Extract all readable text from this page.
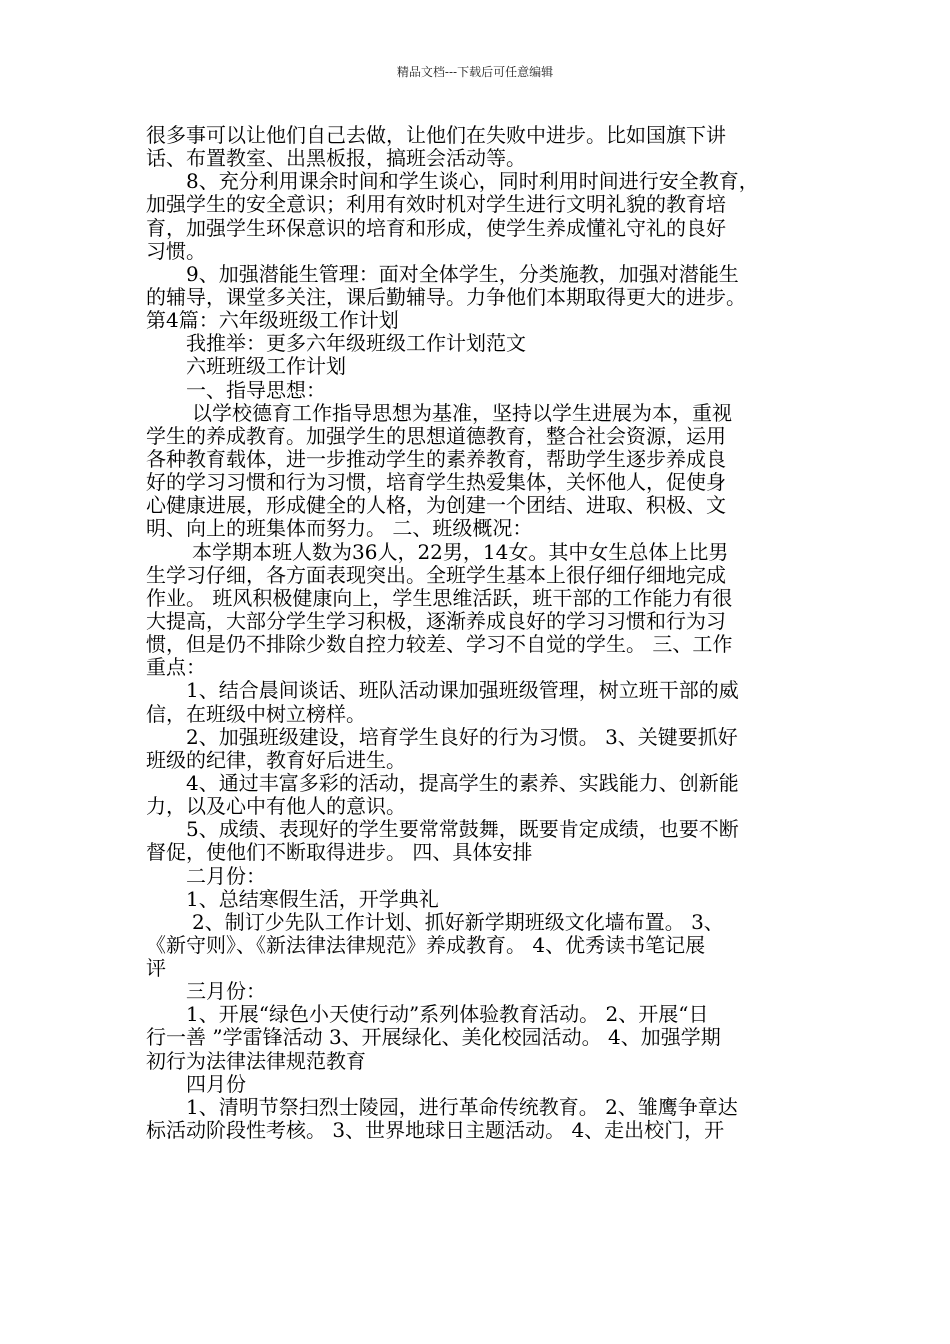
精品文档---下载后可任意编辑
很多事可以让他们自己去做，让他们在失败中进步。比如国旗下讲
话、布置教室、出黑板报，搞班会活动等。
8、充分利用课余时间和学生谈心，同时利用时间进行安全教育，
加强学生的安全意识；利用有效时机对学生进行文明礼貌的教育培
育，加强学生环保意识的培育和形成，使学生养成懂礼守礼的良好
习惯。
9、加强潜能生管理：面对全体学生，分类施教，加强对潜能生
的辅导，课堂多关注，课后勤辅导。力争他们本期取得更大的进步。
第4篇：六年级班级工作计划
我推举：更多六年级班级工作计划范文
六班班级工作计划
一、指导思想：
以学校德育工作指导思想为基准，坚持以学生进展为本，重视
学生的养成教育。加强学生的思想道德教育，整合社会资源，运用
各种教育载体，进一步推动学生的素养教育，帮助学生逐步养成良
好的学习习惯和行为习惯，培育学生热爱集体，关怀他人，促使身
心健康进展，形成健全的人格，为创建一个团结、进取、积极、文
明、向上的班集体而努力。 二、班级概况：
本学期本班人数为36人，22男，14女。其中女生总体上比男
生学习仔细，各方面表现突出。全班学生基本上很仔细仔细地完成
作业。 班风积极健康向上，学生思维活跃，班干部的工作能力有很
大提高，大部分学生学习积极，逐渐养成良好的学习习惯和行为习
惯，但是仍不排除少数自控力较差、学习不自觉的学生。 三、工作
重点：
1、结合晨间谈话、班队活动课加强班级管理，树立班干部的威
信，在班级中树立榜样。
2、加强班级建设，培育学生良好的行为习惯。 3、关键要抓好
班级的纪律，教育好后进生。
4、通过丰富多彩的活动，提高学生的素养、实践能力、创新能
力，以及心中有他人的意识。
5、成绩、表现好的学生要常常鼓舞，既要肯定成绩，也要不断
督促，使他们不断取得进步。 四、具体安排
二月份：
1、总结寒假生活，开学典礼
2、制订少先队工作计划、抓好新学期班级文化墙布置。 3、
《新守则》、《新法律法律规范》养成教育。 4、优秀读书笔记展
评
三月份：
1、开展“绿色小天使行动”系列体验教育活动。 2、开展“日
行一善 ”学雷锋活动 3、开展绿化、美化校园活动。 4、加强学期
初行为法律法律规范教育
四月份
1、清明节祭扫烈士陵园，进行革命传统教育。 2、雏鹰争章达
标活动阶段性考核。 3、世界地球日主题活动。 4、走出校门，开
